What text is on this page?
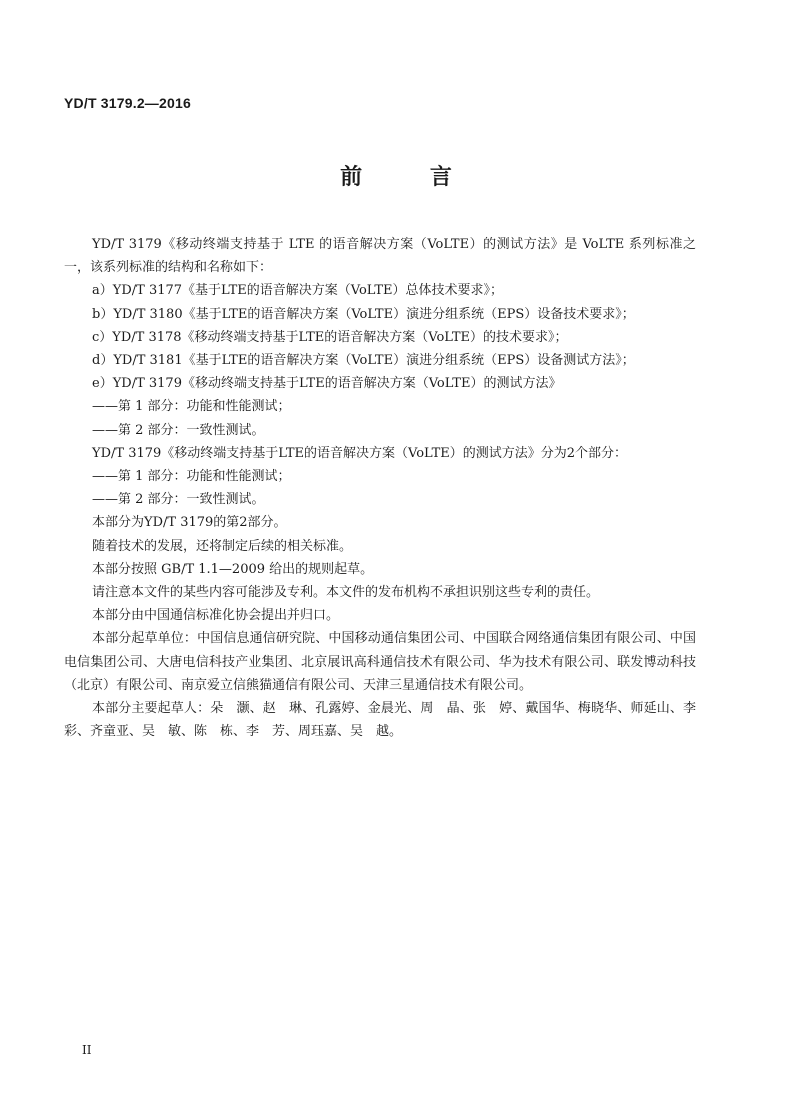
YD/T 3179.2—2016
前 言

YD/T 3179《移动终端支持基于 LTE 的语音解决方案（VoLTE）的测试方法》是 VoLTE 系列标准之一，该系列标准的结构和名称如下：

a）YD/T 3177《基于LTE的语音解决方案（VoLTE）总体技术要求》；

b）YD/T 3180《基于LTE的语音解决方案（VoLTE）演进分组系统（EPS）设备技术要求》；

c）YD/T 3178《移动终端支持基于LTE的语音解决方案（VoLTE）的技术要求》；

d）YD/T 3181《基于LTE的语音解决方案（VoLTE）演进分组系统（EPS）设备测试方法》；

e）YD/T 3179《移动终端支持基于LTE的语音解决方案（VoLTE）的测试方法》

——第 1 部分：功能和性能测试；

——第 2 部分：一致性测试。

YD/T 3179《移动终端支持基于LTE的语音解决方案（VoLTE）的测试方法》分为2个部分：

——第 1 部分：功能和性能测试；

——第 2 部分：一致性测试。

本部分为YD/T 3179的第2部分。

随着技术的发展，还将制定后续的相关标准。

本部分按照 GB/T 1.1—2009 给出的规则起草。

请注意本文件的某些内容可能涉及专利。本文件的发布机构不承担识别这些专利的责任。

本部分由中国通信标准化协会提出并归口。

本部分起草单位：中国信息通信研究院、中国移动通信集团公司、中国联合网络通信集团有限公司、中国电信集团公司、大唐电信科技产业集团、北京展讯高科通信技术有限公司、华为技术有限公司、联发博动科技（北京）有限公司、南京爱立信熊猫通信有限公司、天津三星通信技术有限公司。

本部分主要起草人：朵　灏、赵　琳、孔露婷、金晨光、周　晶、张　婷、戴国华、梅晓华、师延山、李　彩、齐童亚、吴　敏、陈　栋、李　芳、周珏嘉、吴　越。

II
